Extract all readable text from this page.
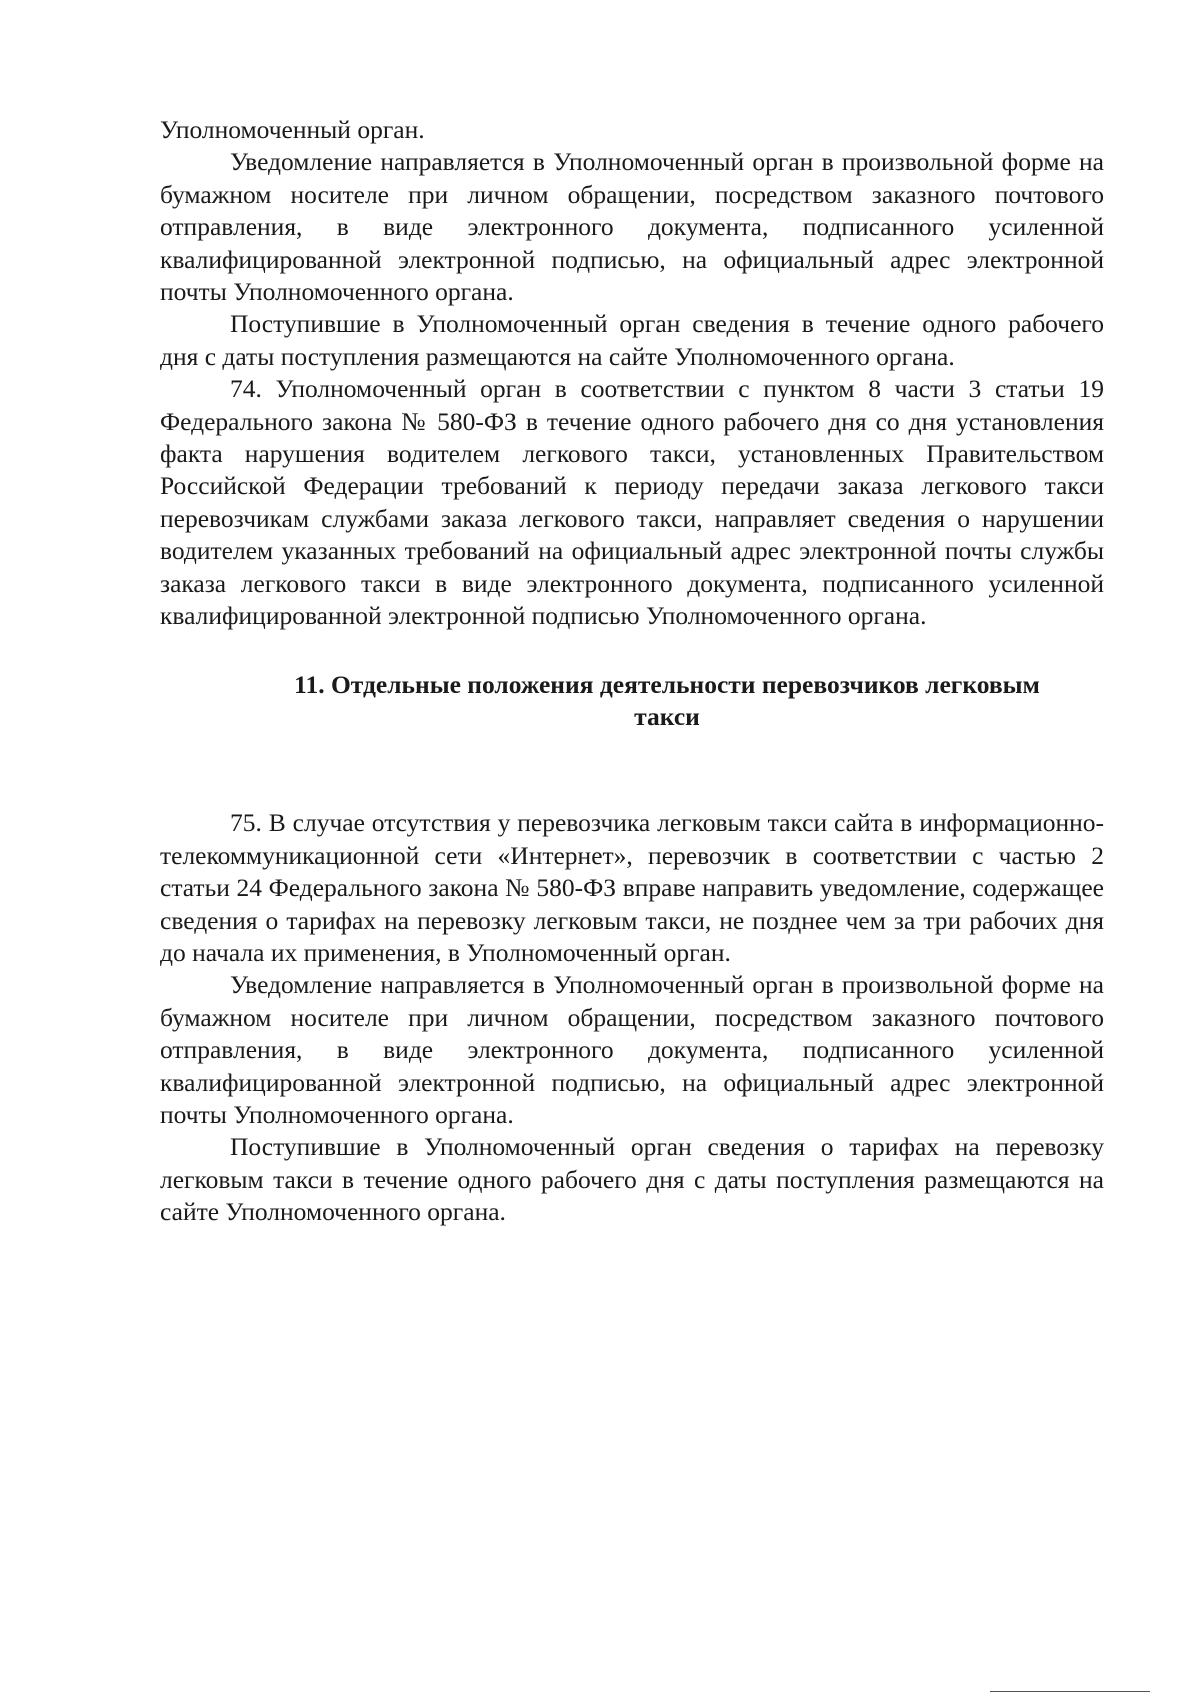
Уполномоченный орган.

Уведомление направляется в Уполномоченный орган в произвольной форме на бумажном носителе при личном обращении, посредством заказного почтового отправления, в виде электронного документа, подписанного усиленной квалифицированной электронной подписью, на официальный адрес электронной почты Уполномоченного органа.

Поступившие в Уполномоченный орган сведения в течение одного рабочего дня с даты поступления размещаются на сайте Уполномоченного органа.

74. Уполномоченный орган в соответствии с пунктом 8 части 3 статьи 19 Федерального закона № 580-ФЗ в течение одного рабочего дня со дня установления факта нарушения водителем легкового такси, установленных Правительством Российской Федерации требований к периоду передачи заказа легкового такси перевозчикам службами заказа легкового такси, направляет сведения о нарушении водителем указанных требований на официальный адрес электронной почты службы заказа легкового такси в виде электронного документа, подписанного усиленной квалифицированной электронной подписью Уполномоченного органа.

11. Отдельные положения деятельности перевозчиков легковым
такси

75. В случае отсутствия у перевозчика легковым такси сайта в информационно-телекоммуникационной сети «Интернет», перевозчик в соответствии с частью 2 статьи 24 Федерального закона № 580-ФЗ вправе направить уведомление, содержащее сведения о тарифах на перевозку легковым такси, не позднее чем за три рабочих дня до начала их применения, в Уполномоченный орган.

Уведомление направляется в Уполномоченный орган в произвольной форме на бумажном носителе при личном обращении, посредством заказного почтового отправления, в виде электронного документа, подписанного усиленной квалифицированной электронной подписью, на официальный адрес электронной почты Уполномоченного органа.

Поступившие в Уполномоченный орган сведения о тарифах на перевозку легковым такси в течение одного рабочего дня с даты поступления размещаются на сайте Уполномоченного органа.
